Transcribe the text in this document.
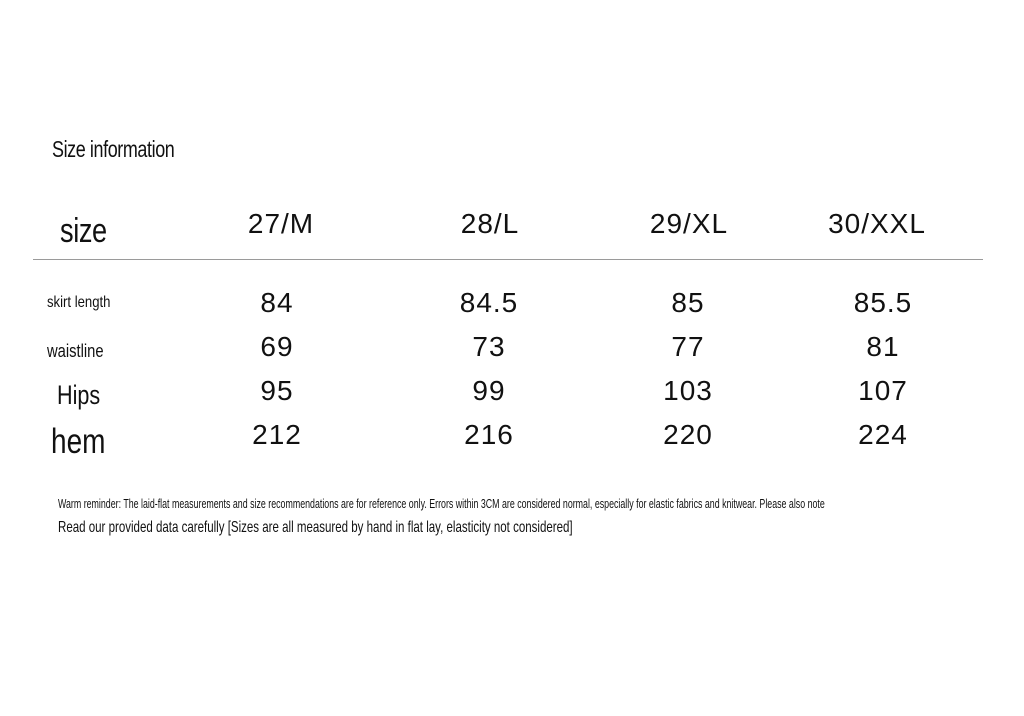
Size information
size	27/M	28/L	29/XL	30/XXL
skirt length	84	84.5	85	85.5
waistline	69	73	77	81
Hips	95	99	103	107
hem	212	216	220	224
Warm reminder: The laid-flat measurements and size recommendations are for reference only. Errors within 3CM are considered normal, especially for elastic fabrics and knitwear. Please also note
Read our provided data carefully [Sizes are all measured by hand in flat lay, elasticity not considered]
